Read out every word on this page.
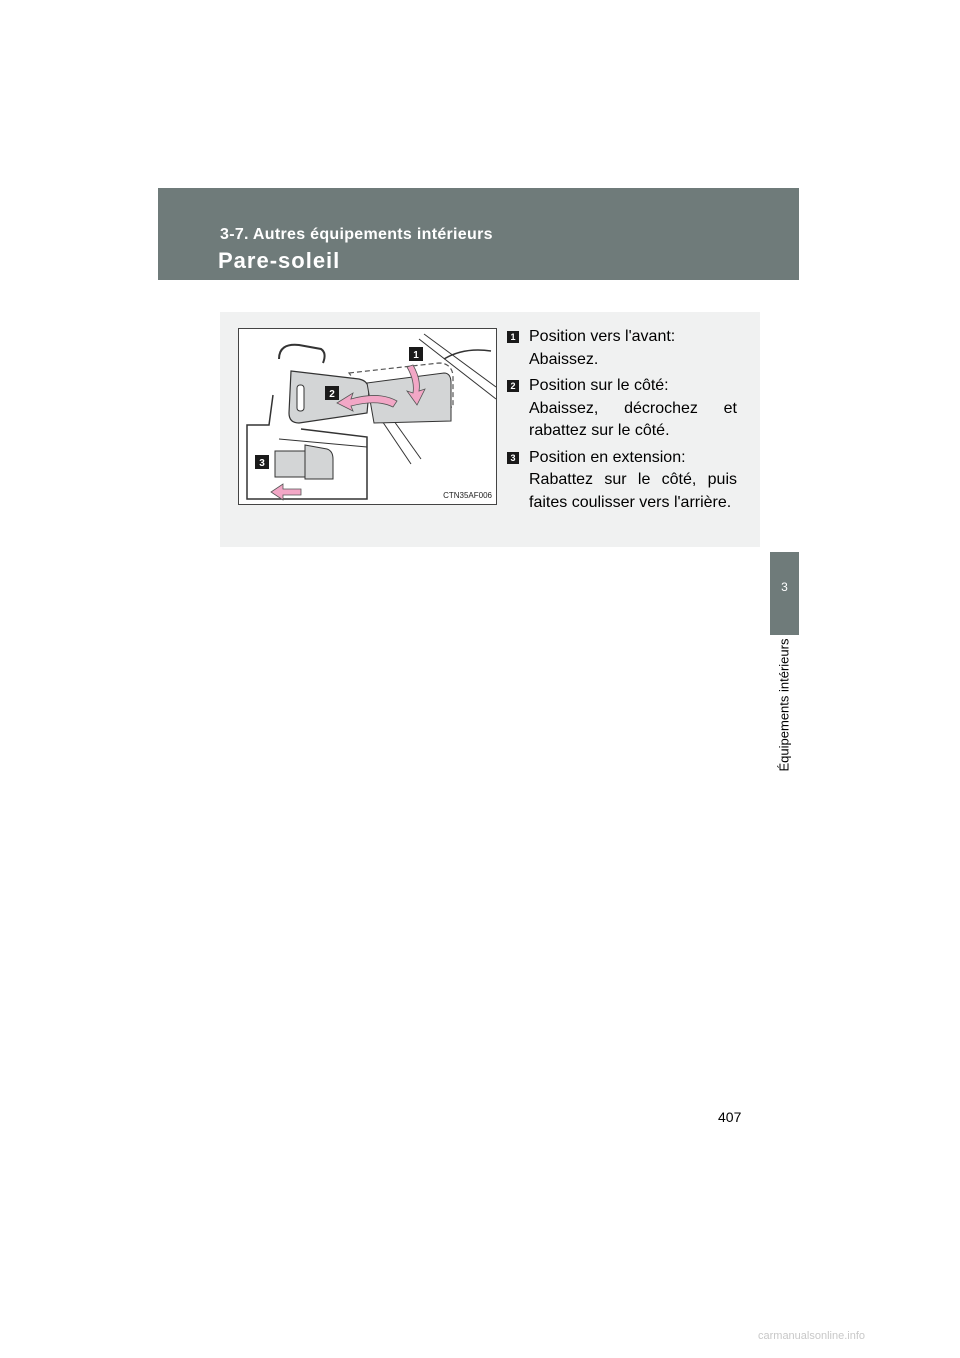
3-7. Autres équipements intérieurs
Pare-soleil
3
Équipements intérieurs
1
2
3
CTN35AF006
1 Position vers l'avant:
Abaissez.
2 Position sur le côté:
Abaissez, décrochez et rabattez sur le côté.
3 Position en extension:
Rabattez sur le côté, puis faites coulisser vers l'arrière.
407
carmanualsonline.info
